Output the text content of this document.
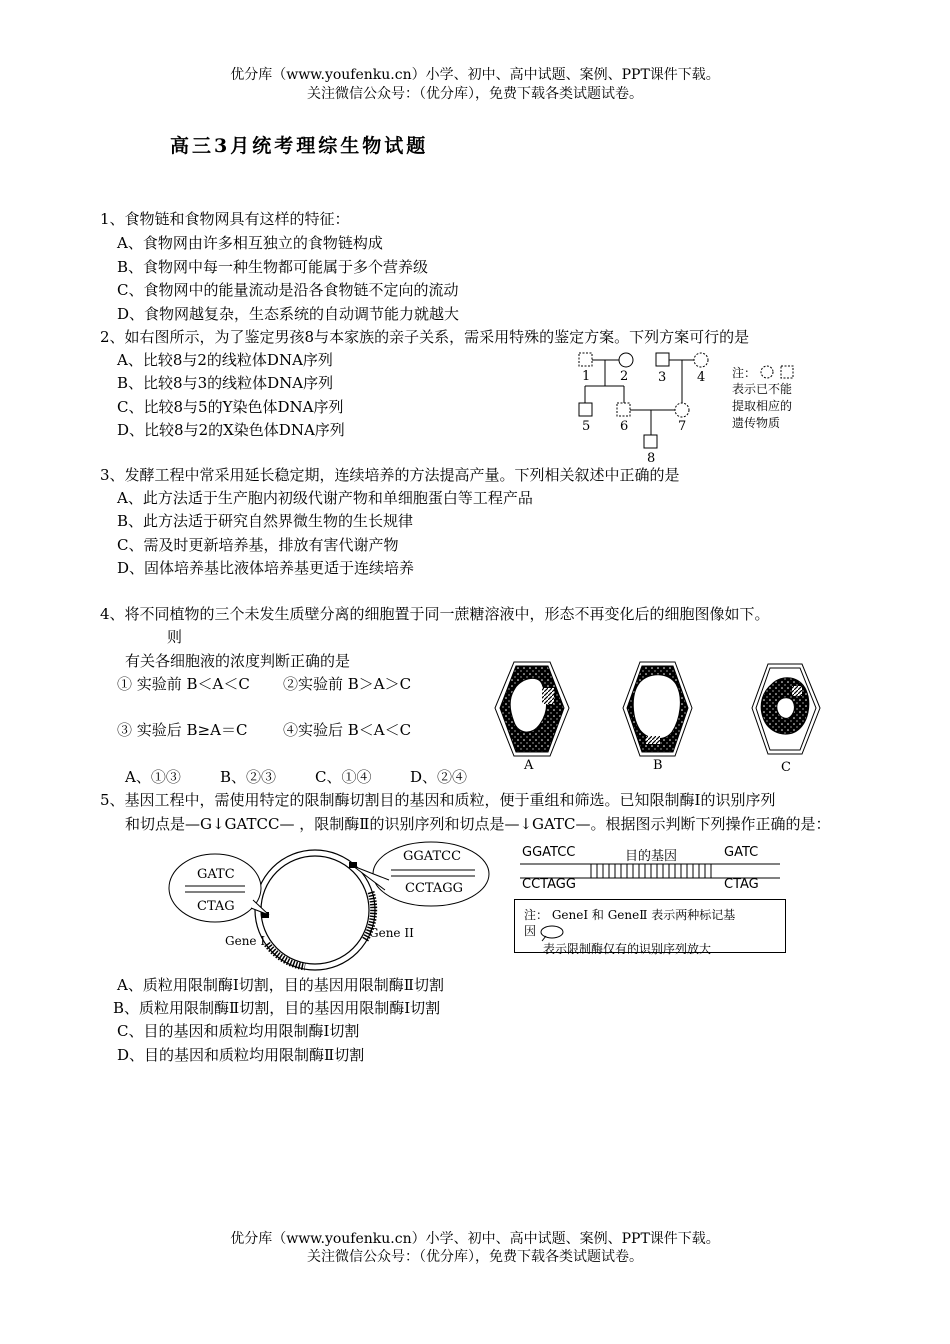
优分库（www.youfenku.cn）小学、初中、高中试题、案例、PPT课件下载。
关注微信公众号：（优分库），免费下载各类试题试卷。
高三3月统考理综生物试题
1、食物链和食物网具有这样的特征：
A、食物网由许多相互独立的食物链构成
B、食物网中每一种生物都可能属于多个营养级
C、食物网中的能量流动是沿各食物链不定向的流动
D、食物网越复杂，生态系统的自动调节能力就越大
2、如右图所示，为了鉴定男孩8与本家族的亲子关系，需采用特殊的鉴定方案。下列方案可行的是
A、比较8与2的线粒体DNA序列
B、比较8与3的线粒体DNA序列
C、比较8与5的Y染色体DNA序列
D、比较8与2的X染色体DNA序列
1 2 3 4
5 6	7
8
注：
表示已不能
提取相应的
遗传物质
3、发酵工程中常采用延长稳定期，连续培养的方法提高产量。下列相关叙述中正确的是
A、此方法适于生产胞内初级代谢产物和单细胞蛋白等工程产品
B、此方法适于研究自然界微生物的生长规律
C、需及时更新培养基，排放有害代谢产物
D、固体培养基比液体培养基更适于连续培养
4、将不同植物的三个未发生质壁分离的细胞置于同一蔗糖溶液中，形态不再变化后的细胞图像如下。
则
有关各细胞液的浓度判断正确的是
① 实验前 B＜A＜C ②实验前 B＞A＞C
③ 实验后 B≥A＝C ④实验后 B＜A＜C
A、①③	B、②③	C、①④	D、②④
A	B	C
5、基因工程中，需使用特定的限制酶切割目的基因和质粒，便于重组和筛选。已知限制酶Ⅰ的识别序列
和切点是—G↓GATCC— ，限制酶Ⅱ的识别序列和切点是—↓GATC—。根据图示判断下列操作正确的是：
GATC
CTAG
GGATCC
CCTAGG
Gene I
Gene II
GGATCC	目的基因	GATC
CCTAGG	CTAG
注： GeneⅠ 和 GeneⅡ 表示两种标记基
因
表示限制酶仅有的识别序列放大
A、质粒用限制酶Ⅰ切割，目的基因用限制酶Ⅱ切割
B、质粒用限制酶Ⅱ切割，目的基因用限制酶Ⅰ切割
C、目的基因和质粒均用限制酶Ⅰ切割
D、目的基因和质粒均用限制酶Ⅱ切割
优分库（www.youfenku.cn）小学、初中、高中试题、案例、PPT课件下载。
关注微信公众号：（优分库），免费下载各类试题试卷。
